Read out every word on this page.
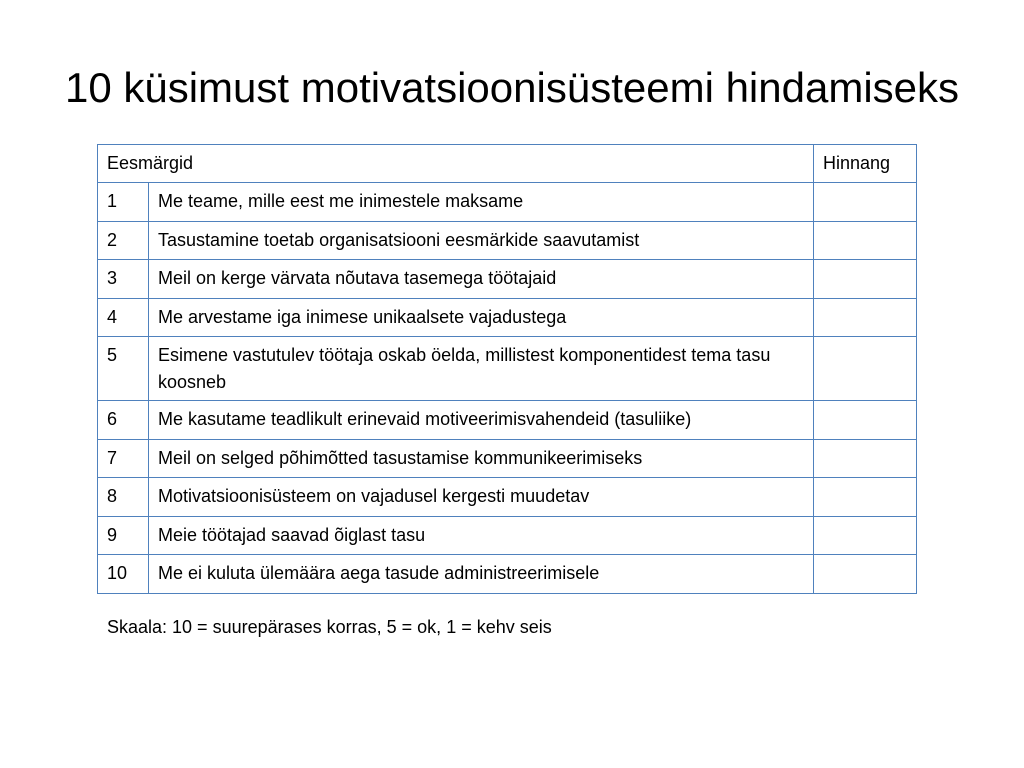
10 küsimust motivatsioonisüsteemi hindamiseks
Eesmärgid		Hinnang
1	Me teame, mille eest me inimestele maksame	
2	Tasustamine toetab organisatsiooni eesmärkide saavutamist	
3	Meil on kerge värvata nõutava tasemega töötajaid	
4	Me arvestame iga inimese unikaalsete vajadustega	
5	Esimene vastutulev töötaja oskab öelda, millistest komponentidest tema tasu koosneb	
6	Me kasutame teadlikult erinevaid motiveerimisvahendeid (tasuliike)	
7	Meil on selged põhimõtted tasustamise kommunikeerimiseks	
8	Motivatsioonisüsteem on vajadusel kergesti muudetav	
9	Meie töötajad saavad õiglast tasu	
10	Me ei kuluta ülemäära aega tasude administreerimisele	
Skaala: 10 = suurepärases korras, 5 = ok, 1 = kehv seis
